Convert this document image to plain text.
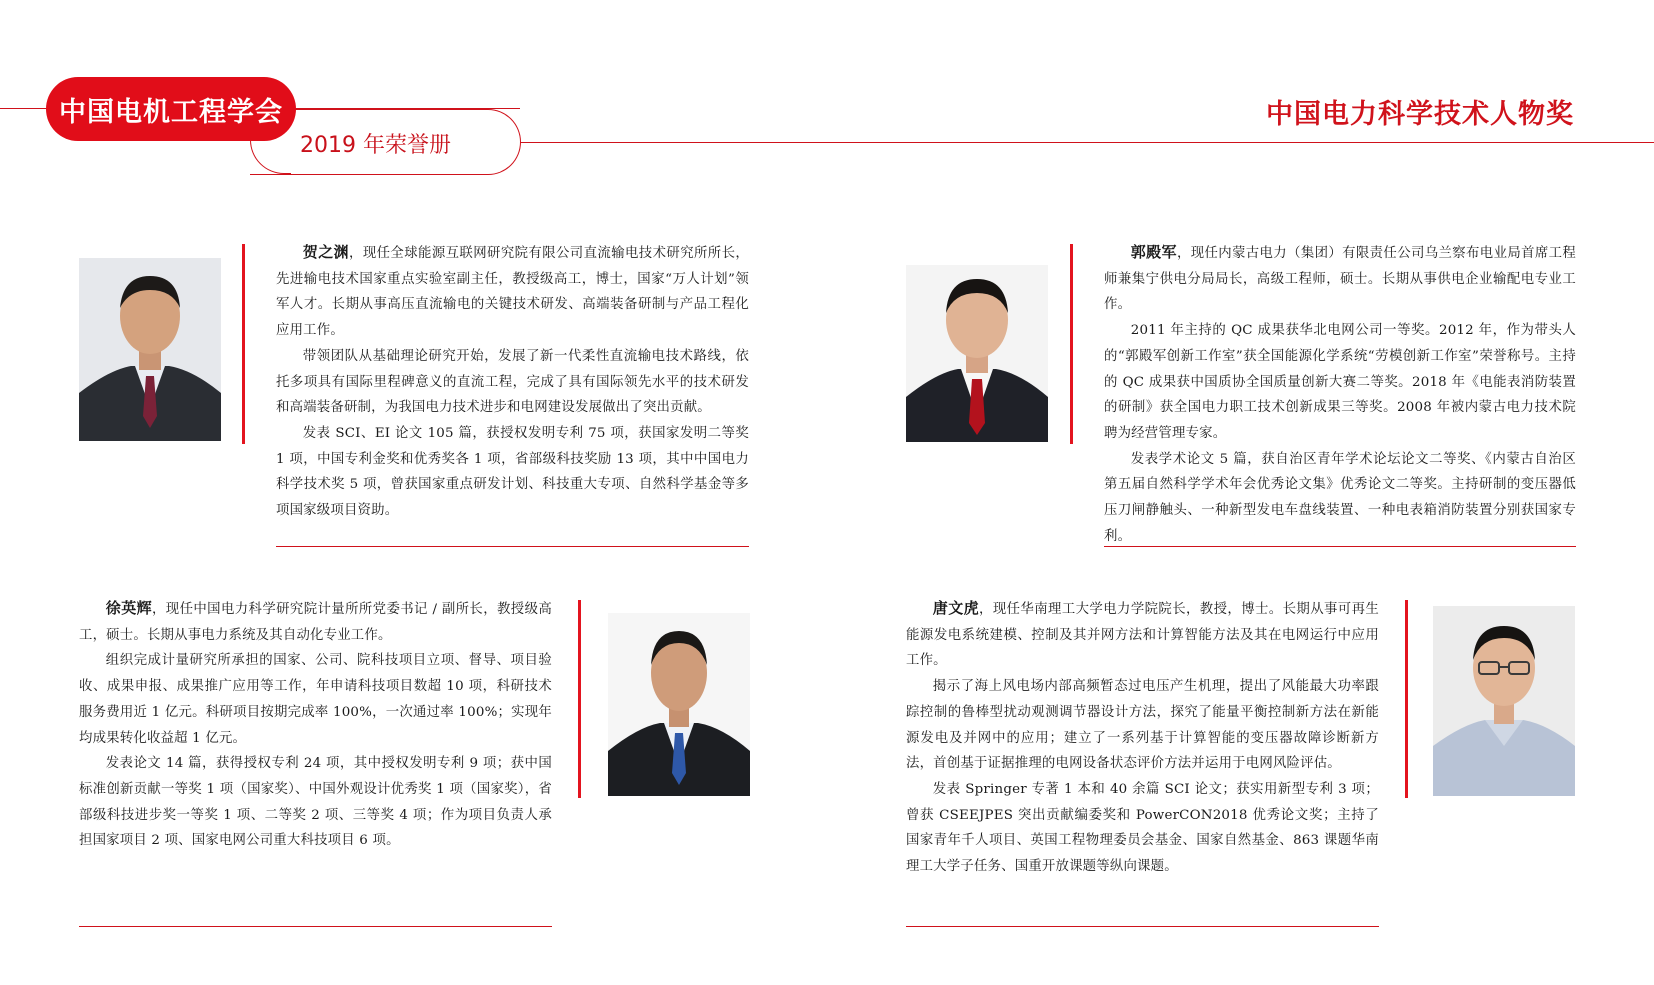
中国电机工程学会
2019 年荣誉册
中国电力科学技术人物奖

贺之渊，现任全球能源互联网研究院有限公司直流输电技术研究所所长，先进输电技术国家重点实验室副主任，教授级高工，博士，国家“万人计划”领军人才。长期从事高压直流输电的关键技术研发、高端装备研制与产品工程化应用工作。

带领团队从基础理论研究开始，发展了新一代柔性直流输电技术路线，依托多项具有国际里程碑意义的直流工程，完成了具有国际领先水平的技术研发和高端装备研制，为我国电力技术进步和电网建设发展做出了突出贡献。

发表 SCI、EI 论文 105 篇，获授权发明专利 75 项，获国家发明二等奖 1 项，中国专利金奖和优秀奖各 1 项，省部级科技奖励 13 项，其中中国电力科学技术奖 5 项，曾获国家重点研发计划、科技重大专项、自然科学基金等多项国家级项目资助。

郭殿军，现任内蒙古电力（集团）有限责任公司乌兰察布电业局首席工程师兼集宁供电分局局长，高级工程师，硕士。长期从事供电企业输配电专业工作。

2011 年主持的 QC 成果获华北电网公司一等奖。2012 年，作为带头人的“郭殿军创新工作室”获全国能源化学系统“劳模创新工作室”荣誉称号。主持的 QC 成果获中国质协全国质量创新大赛二等奖。2018 年《电能表消防装置的研制》获全国电力职工技术创新成果三等奖。2008 年被内蒙古电力技术院聘为经营管理专家。

发表学术论文 5 篇，获自治区青年学术论坛论文二等奖、《内蒙古自治区第五届自然科学学术年会优秀论文集》优秀论文二等奖。主持研制的变压器低压刀闸静触头、一种新型发电车盘线装置、一种电表箱消防装置分别获国家专利。

徐英辉，现任中国电力科学研究院计量所所党委书记 / 副所长，教授级高工，硕士。长期从事电力系统及其自动化专业工作。

组织完成计量研究所承担的国家、公司、院科技项目立项、督导、项目验收、成果申报、成果推广应用等工作，年申请科技项目数超 10 项，科研技术服务费用近 1 亿元。科研项目按期完成率 100%，一次通过率 100%；实现年均成果转化收益超 1 亿元。

发表论文 14 篇，获得授权专利 24 项，其中授权发明专利 9 项；获中国标准创新贡献一等奖 1 项（国家奖）、中国外观设计优秀奖 1 项（国家奖），省部级科技进步奖一等奖 1 项、二等奖 2 项、三等奖 4 项；作为项目负责人承担国家项目 2 项、国家电网公司重大科技项目 6 项。

唐文虎，现任华南理工大学电力学院院长，教授，博士。长期从事可再生能源发电系统建模、控制及其并网方法和计算智能方法及其在电网运行中应用工作。

揭示了海上风电场内部高频暂态过电压产生机理，提出了风能最大功率跟踪控制的鲁棒型扰动观测调节器设计方法，探究了能量平衡控制新方法在新能源发电及并网中的应用；建立了一系列基于计算智能的变压器故障诊断新方法，首创基于证据推理的电网设备状态评价方法并运用于电网风险评估。

发表 Springer 专著 1 本和 40 余篇 SCI 论文；获实用新型专利 3 项；曾获 CSEEJPES 突出贡献编委奖和 PowerCON2018 优秀论文奖；主持了国家青年千人项目、英国工程物理委员会基金、国家自然基金、863 课题华南理工大学子任务、国重开放课题等纵向课题。
